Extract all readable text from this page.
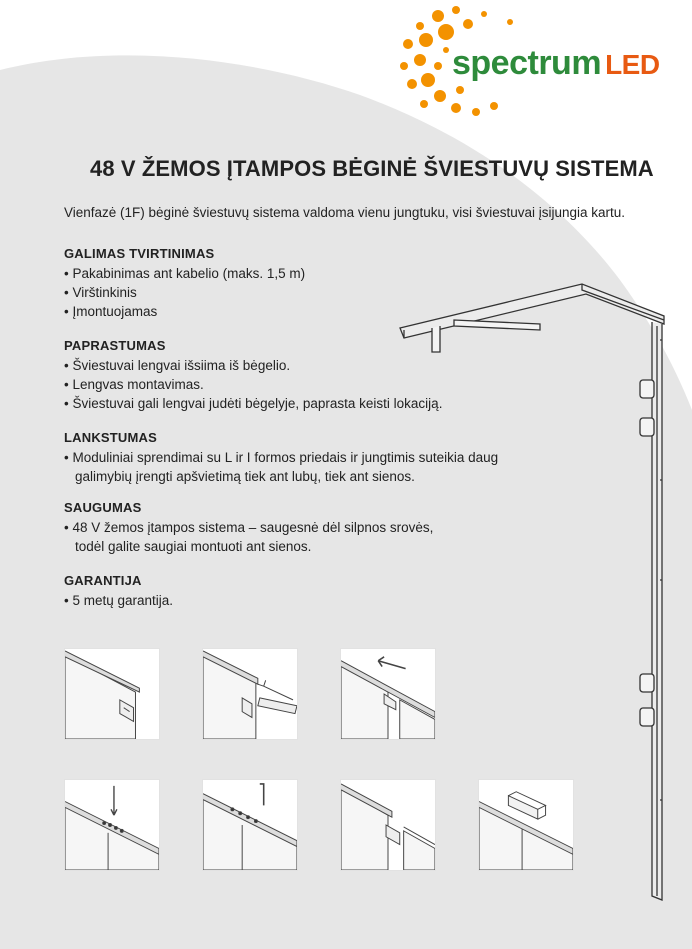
spectrum LED
48 V ŽEMOS ĮTAMPOS BĖGINĖ ŠVIESTUVŲ SISTEMA
Vienfazė (1F) bėginė šviestuvų sistema valdoma vienu jungtuku, visi šviestuvai įsijungia kartu.
GALIMAS TVIRTINIMAS
• Pakabinimas ant kabelio (maks. 1,5 m)
• Virštinkinis
• Įmontuojamas
PAPRASTUMAS
• Šviestuvai lengvai išsiima iš bėgelio.
• Lengvas montavimas.
• Šviestuvai gali lengvai judėti bėgelyje, paprasta keisti lokaciją.
LANKSTUMAS
• Moduliniai sprendimai su L ir I formos priedais ir jungtimis suteikia daug galimybių įrengti apšvietimą tiek ant lubų, tiek ant sienos.
SAUGUMAS
• 48 V žemos įtampos sistema – saugesnė dėl silpnos srovės, todėl galite saugiai montuoti ant sienos.
GARANTIJA
• 5 metų garantija.
